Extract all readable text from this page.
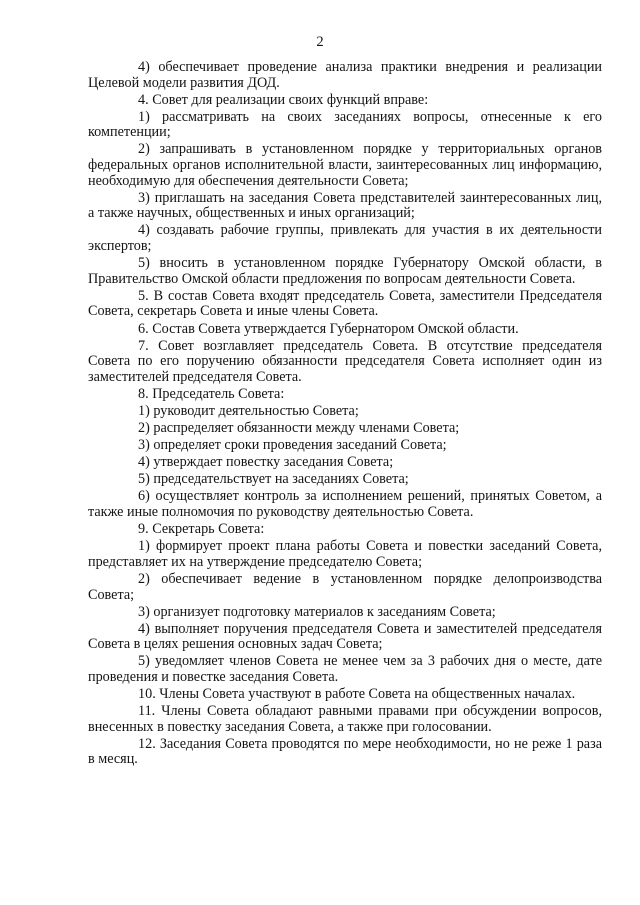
2

4) обеспечивает проведение анализа практики внедрения и реализации Целевой модели развития ДОД.

4. Совет для реализации своих функций вправе:

1) рассматривать на своих заседаниях вопросы, отнесенные к его компетенции;

2) запрашивать в установленном порядке у территориальных органов федеральных органов исполнительной власти, заинтересованных лиц информацию, необходимую для обеспечения деятельности Совета;

3) приглашать на заседания Совета представителей заинтересованных лиц, а также научных, общественных и иных организаций;

4) создавать рабочие группы, привлекать для участия в их деятельности экспертов;

5) вносить в установленном порядке Губернатору Омской области, в Правительство Омской области предложения по вопросам деятельности Совета.

5. В состав Совета входят председатель Совета, заместители Председателя Совета, секретарь Совета и иные члены Совета.

6. Состав Совета утверждается Губернатором Омской области.

7. Совет возглавляет председатель Совета. В отсутствие председателя Совета по его поручению обязанности председателя Совета исполняет один из заместителей председателя Совета.

8. Председатель Совета:

1) руководит деятельностью Совета;

2) распределяет обязанности между членами Совета;

3) определяет сроки проведения заседаний Совета;

4) утверждает повестку заседания Совета;

5) председательствует на заседаниях Совета;

6) осуществляет контроль за исполнением решений, принятых Советом, а также иные полномочия по руководству деятельностью Совета.

9. Секретарь Совета:

1) формирует проект плана работы Совета и повестки заседаний Совета, представляет их на утверждение председателю Совета;

2) обеспечивает ведение в установленном порядке делопроизводства Совета;

3) организует подготовку материалов к заседаниям Совета;

4) выполняет поручения председателя Совета и заместителей председателя Совета в целях решения основных задач Совета;

5) уведомляет членов Совета не менее чем за 3 рабочих дня о месте, дате проведения и повестке заседания Совета.

10. Члены Совета участвуют в работе Совета на общественных началах.

11. Члены Совета обладают равными правами при обсуждении вопросов, внесенных в повестку заседания Совета, а также при голосовании.

12. Заседания Совета проводятся по мере необходимости, но не реже 1 раза в месяц.
